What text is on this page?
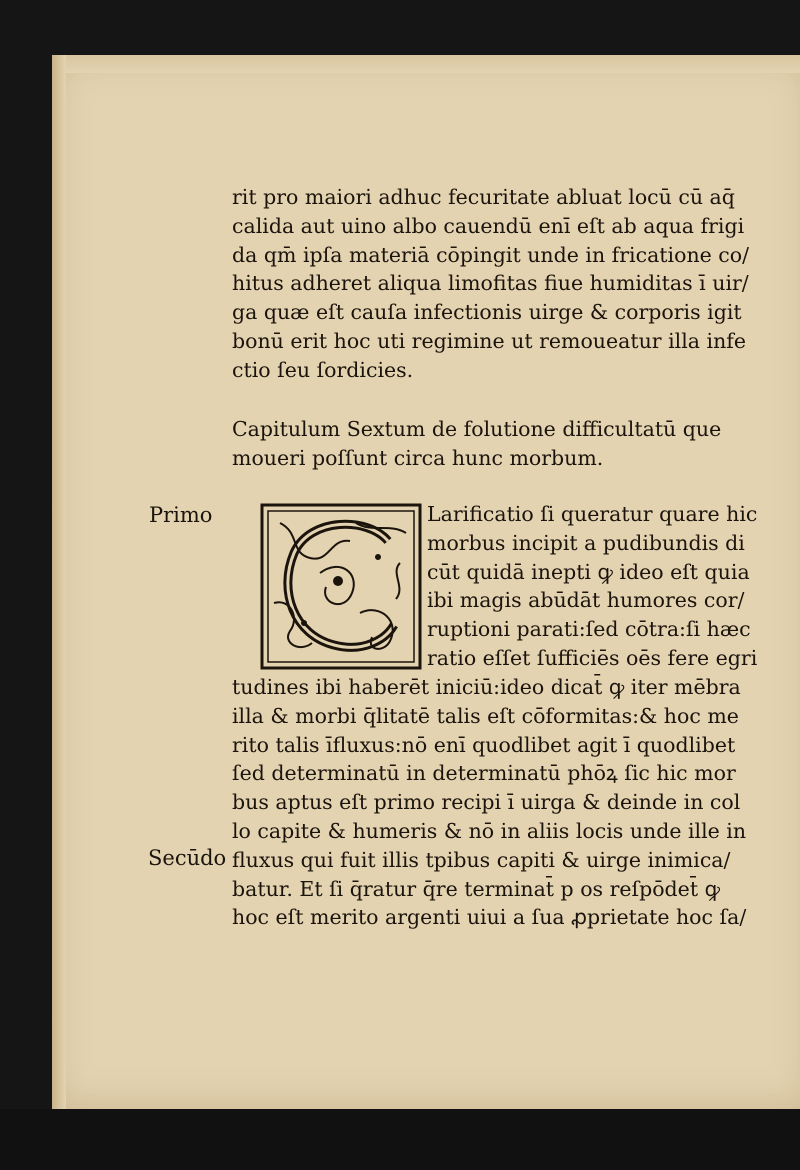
rit pro maiori adhuc fecuritate abluat locū cū aq̄
calida aut uino albo cauendū enī eſt ab aqua frigi
da qm̄ ipſa materiā cōpingit unde in fricatione co/
hitus adheret aliqua limofitas fiue humiditas ī uir/
ga quæ eſt cauſa infectionis uirge & corporis igit
bonū erit hoc uti regimine ut remoueatur illa infe
ctio ſeu ſordicies.
Capitulum Sextum de folutione difficultatū que
moueri poſſunt circa hunc morbum.
Primo
Secūdo
Larificatio ſi queratur quare hic
morbus incipit a pudibundis di
cūt quidā inepti ꝙ ideo eſt quia
ibi magis abūdāt humores cor/
ruptioni parati:ſed cōtra:ſi hæc
ratio eſſet ſufficiēs oēs fere egri
tudines ibi haberēt iniciū:ideo dicat̄ ꝙ iter mēbra
illa & morbi q̄litatē talis eſt cōformitas:& hoc me
rito talis īfluxus:nō enī quodlibet agit ī quodlibet
ſed determinatū in determinatū phōꝝ ſic hic mor
bus aptus eſt primo recipi ī uirga & deinde in col
lo capite & humeris & nō in aliis locis unde ille in
fluxus qui fuit illis tpibus capiti & uirge inimica/
batur. Et ſi q̄ratur q̄re terminat̄ p os reſpōdet̄ ꝙ
hoc eſt merito argenti uiui a ſua ꝓprietate hoc ſa/
